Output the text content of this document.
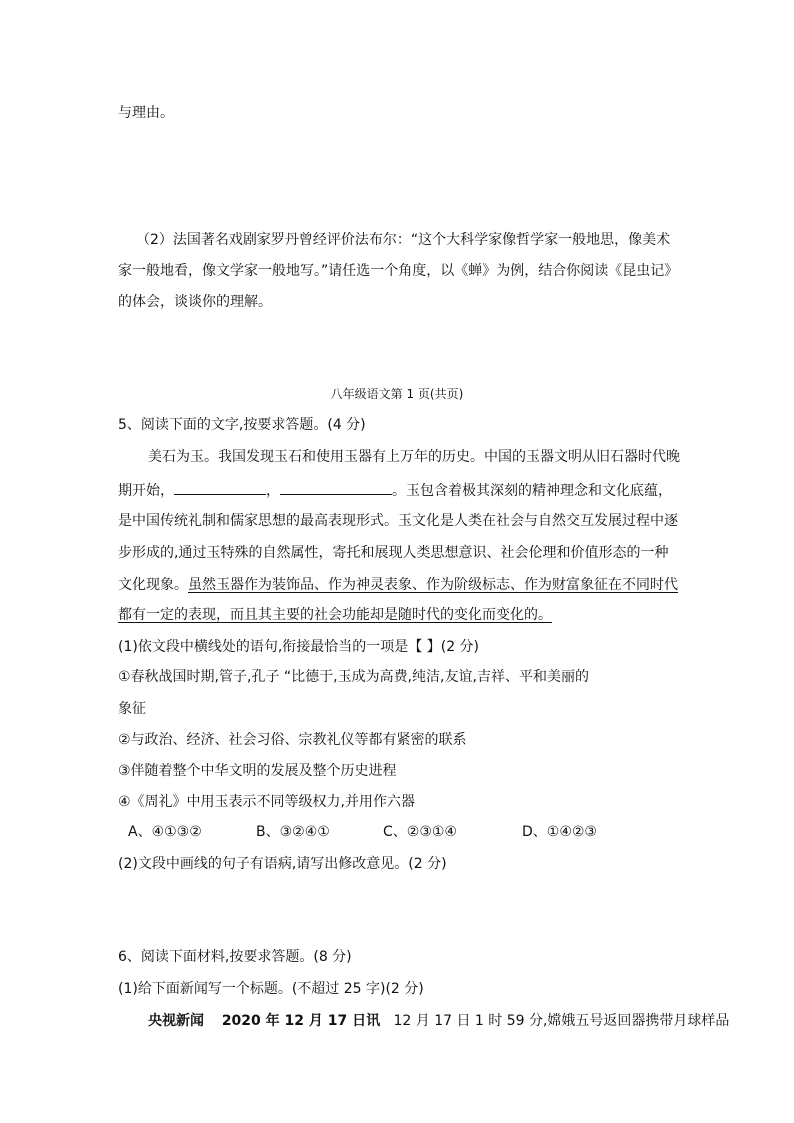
与理由。
（2）法国著名戏剧家罗丹曾经评价法布尔：“这个大科学家像哲学家一般地思，像美术
家一般地看，像文学家一般地写。”请任选一个角度，以《蝉》为例，结合你阅读《昆虫记》
的体会，谈谈你的理解。
八年级语文第 1 页(共页)
5、阅读下面的文字,按要求答题。(4 分)
美石为玉。我国发现玉石和使用玉器有上万年的历史。中国的玉器文明从旧石器时代晚
期开始，	，	。玉包含着极其深刻的精神理念和文化底蕴，
是中国传统礼制和儒家思想的最高表现形式。玉文化是人类在社会与自然交互发展过程中逐
步形成的,通过玉特殊的自然属性，寄托和展现人类思想意识、社会伦理和价值形态的一种
文化现象。虽然玉器作为装饰品、作为神灵表象、作为阶级标志、作为财富象征在不同时代
都有一定的表现，而且其主要的社会功能却是随时代的变化而变化的。
(1)依文段中横线处的语句,衔接最恰当的一项是【 】(2 分)
①春秋战国时期,管子,孔子 “比德于,玉成为高费,纯洁,友谊,吉祥、平和美丽的
象征
②与政治、经济、社会习俗、宗教礼仪等都有紧密的联系
③伴随着整个中华文明的发展及整个历史进程
④《周礼》中用玉表示不同等级权力,并用作六器
A、④①③②	B、③②④①	C、②③①④	D、①④②③
(2)文段中画线的句子有语病,请写出修改意见。(2 分)
6、阅读下面材料,按要求答题。(8 分)
(1)给下面新闻写一个标题。(不超过 25 字)(2 分)
央视新闻 2020 年 12 月 17 日讯 12 月 17 日 1 时 59 分,嫦娥五号返回器携带月球样品
